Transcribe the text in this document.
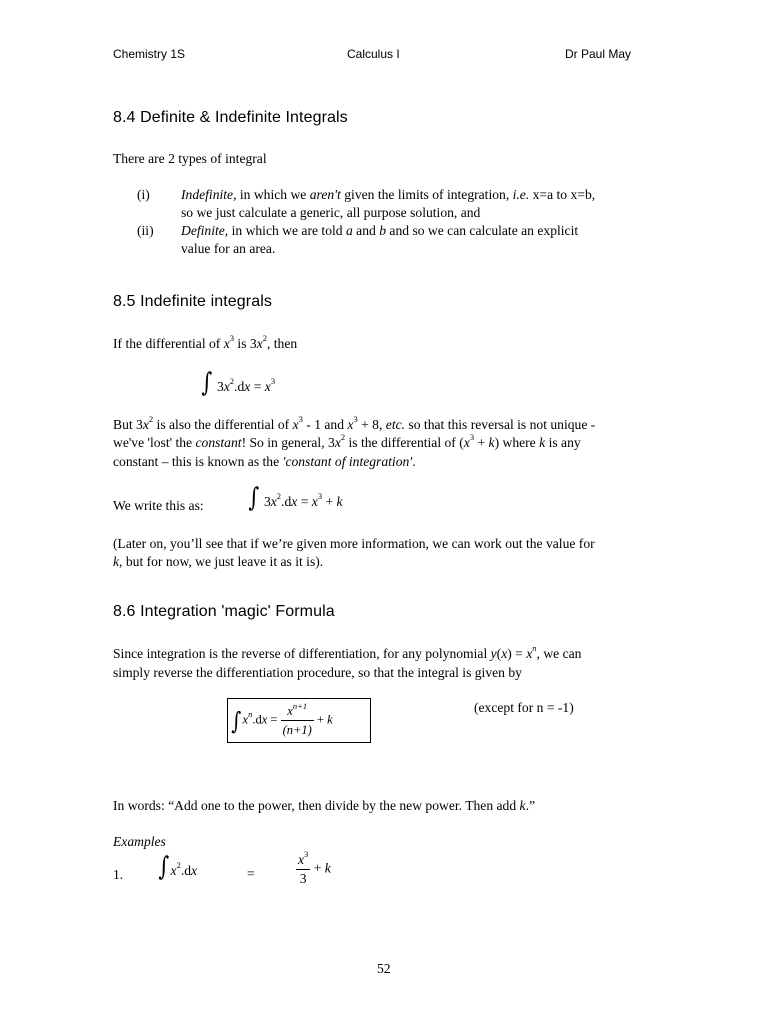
Chemistry 1S	Calculus I	Dr Paul May
8.4 Definite & Indefinite Integrals
There are 2 types of integral
(i) Indefinite, in which we aren't given the limits of integration, i.e. x=a to x=b,
so we just calculate a generic, all purpose solution, and
(ii) Definite, in which we are told a and b and so we can calculate an explicit
value for an area.
8.5 Indefinite integrals
If the differential of $x^3$ is $3x^2$, then
∫ $3x^2.dx = x^3$
But $3x^2$ is also the differential of $x^3 - 1$ and $x^3 + 8$, etc. so that this reversal is not unique -
we've 'lost' the constant! So in general, $3x^2$ is the differential of $(x^3 + k)$ where k is any
constant – this is known as the 'constant of integration'.
We write this as: ∫ $3x^2.dx = x^3 + k$
(Later on, you’ll see that if we’re given more information, we can work out the value for
k, but for now, we just leave it as it is).
8.6 Integration 'magic' Formula
Since integration is the reverse of differentiation, for any polynomial $y(x) = x^n$, we can
simply reverse the differentiation procedure, so that the integral is given by
$\int x^n.dx = \frac{x^{n+1}}{(n+1)} + k$
(except for n = -1)
In words: “Add one to the power, then divide by the new power. Then add k.”
Examples
1. $\int x^2.dx$	=	$\frac{x^3}{3} + k$
52
